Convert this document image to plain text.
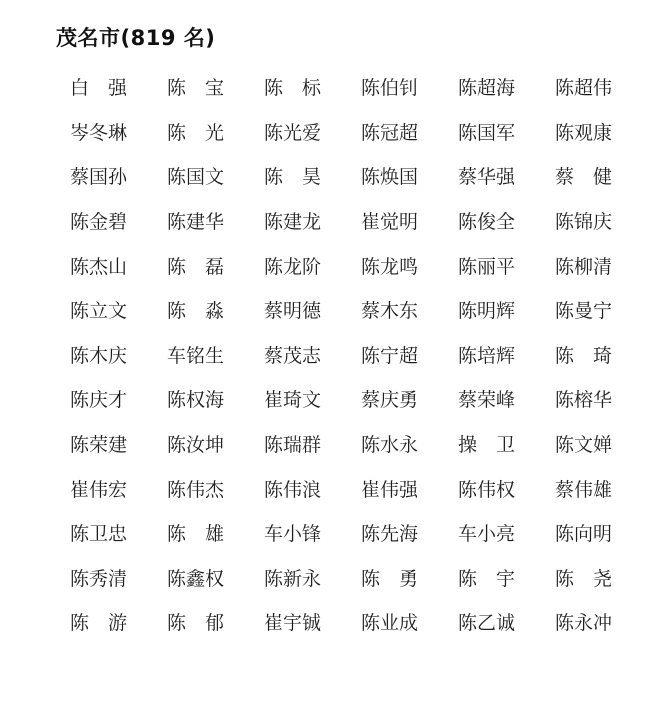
茂名市(819 名)
白　强	陈　宝	陈　标	陈伯钊	陈超海	陈超伟
岑冬琳	陈　光	陈光爱	陈冠超	陈国军	陈观康
蔡国孙	陈国文	陈　昊	陈焕国	蔡华强	蔡　健
陈金碧	陈建华	陈建龙	崔觉明	陈俊全	陈锦庆
陈杰山	陈　磊	陈龙阶	陈龙鸣	陈丽平	陈柳清
陈立文	陈　淼	蔡明德	蔡木东	陈明辉	陈曼宁
陈木庆	车铭生	蔡茂志	陈宁超	陈培辉	陈　琦
陈庆才	陈权海	崔琦文	蔡庆勇	蔡荣峰	陈榕华
陈荣建	陈汝坤	陈瑞群	陈水永	操　卫	陈文婵
崔伟宏	陈伟杰	陈伟浪	崔伟强	陈伟权	蔡伟雄
陈卫忠	陈　雄	车小锋	陈先海	车小亮	陈向明
陈秀清	陈鑫权	陈新永	陈　勇	陈　宇	陈　尧
陈　游	陈　郁	崔宇铖	陈业成	陈乙诚	陈永冲
